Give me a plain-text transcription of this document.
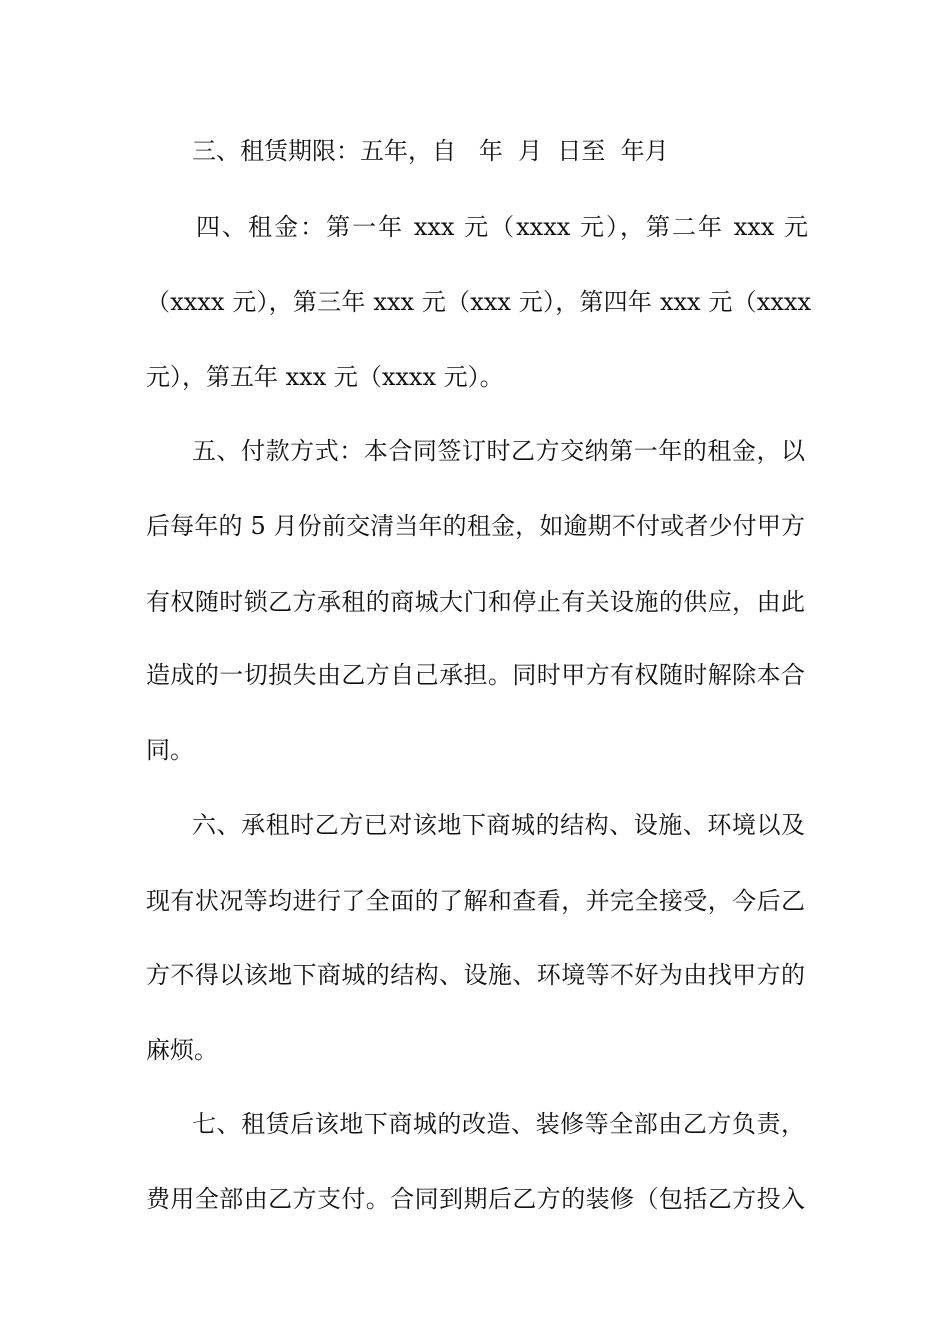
三、租赁期限：五年，自   年  月  日至  年月
四、租金：第一年 xxx 元（xxxx 元），第二年 xxx 元
（xxxx 元），第三年 xxx 元（xxx 元），第四年 xxx 元（xxxx
元），第五年 xxx 元（xxxx 元）。
五、付款方式：本合同签订时乙方交纳第一年的租金，以
后每年的 5 月份前交清当年的租金，如逾期不付或者少付甲方
有权随时锁乙方承租的商城大门和停止有关设施的供应，由此
造成的一切损失由乙方自己承担。同时甲方有权随时解除本合
同。
六、承租时乙方已对该地下商城的结构、设施、环境以及
现有状况等均进行了全面的了解和查看，并完全接受，今后乙
方不得以该地下商城的结构、设施、环境等不好为由找甲方的
麻烦。
七、租赁后该地下商城的改造、装修等全部由乙方负责，
费用全部由乙方支付。合同到期后乙方的装修（包括乙方投入
